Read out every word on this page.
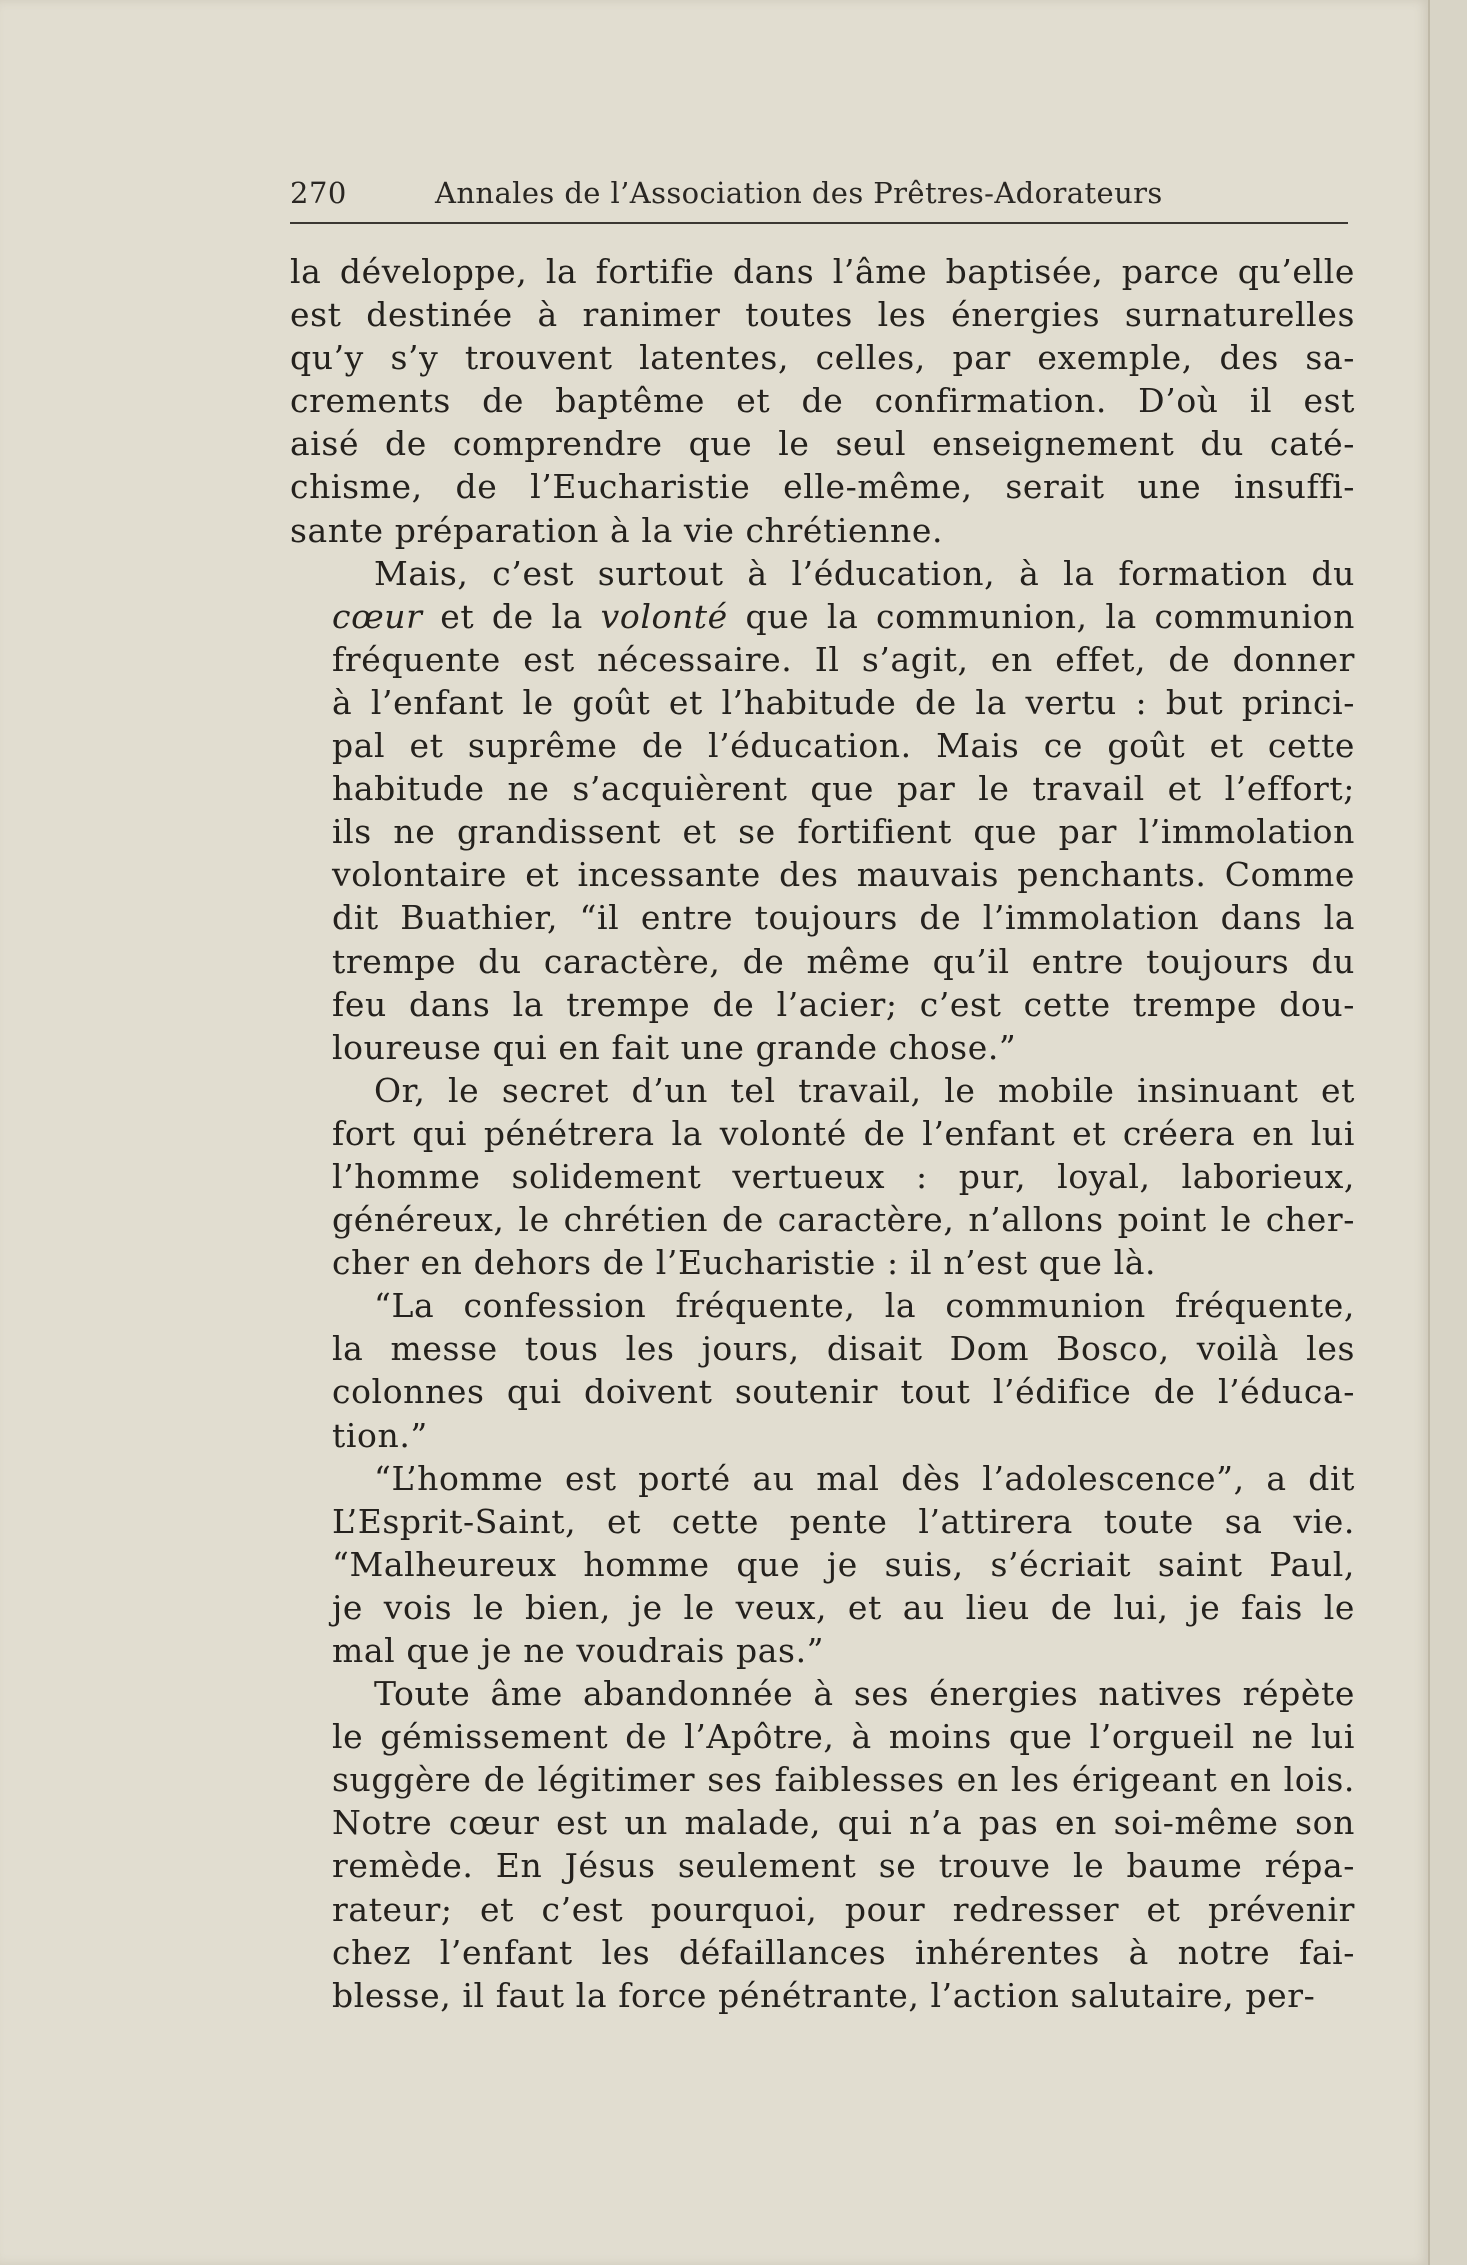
270	Annales de l’Association des Prêtres-Adorateurs
la développe, la fortifie dans l’âme baptisée, parce qu’elle
est destinée à ranimer toutes les énergies surnaturelles
qu’y s’y trouvent latentes, celles, par exemple, des sa-
crements de baptême et de confirmation. D’où il est
aisé de comprendre que le seul enseignement du caté-
chisme, de l’Eucharistie elle-même, serait une insuffi-
sante préparation à la vie chrétienne.
Mais, c’est surtout à l’éducation, à la formation du
cœur et de la volonté que la communion, la communion
fréquente est nécessaire. Il s’agit, en effet, de donner
à l’enfant le goût et l’habitude de la vertu : but princi-
pal et suprême de l’éducation. Mais ce goût et cette
habitude ne s’acquièrent que par le travail et l’effort;
ils ne grandissent et se fortifient que par l’immolation
volontaire et incessante des mauvais penchants. Comme
dit Buathier, “il entre toujours de l’immolation dans la
trempe du caractère, de même qu’il entre toujours du
feu dans la trempe de l’acier; c’est cette trempe dou-
loureuse qui en fait une grande chose.”
Or, le secret d’un tel travail, le mobile insinuant et
fort qui pénétrera la volonté de l’enfant et créera en lui
l’homme solidement vertueux : pur, loyal, laborieux,
généreux, le chrétien de caractère, n’allons point le cher-
cher en dehors de l’Eucharistie : il n’est que là.
“La confession fréquente, la communion fréquente,
la messe tous les jours, disait Dom Bosco, voilà les
colonnes qui doivent soutenir tout l’édifice de l’éduca-
tion.”
“L’homme est porté au mal dès l’adolescence”, a dit
L’Esprit-Saint, et cette pente l’attirera toute sa vie.
“Malheureux homme que je suis, s’écriait saint Paul,
je vois le bien, je le veux, et au lieu de lui, je fais le
mal que je ne voudrais pas.”
Toute âme abandonnée à ses énergies natives répète
le gémissement de l’Apôtre, à moins que l’orgueil ne lui
suggère de légitimer ses faiblesses en les érigeant en lois.
Notre cœur est un malade, qui n’a pas en soi-même son
remède. En Jésus seulement se trouve le baume répa-
rateur; et c’est pourquoi, pour redresser et prévenir
chez l’enfant les défaillances inhérentes à notre fai-
blesse, il faut la force pénétrante, l’action salutaire, per-
